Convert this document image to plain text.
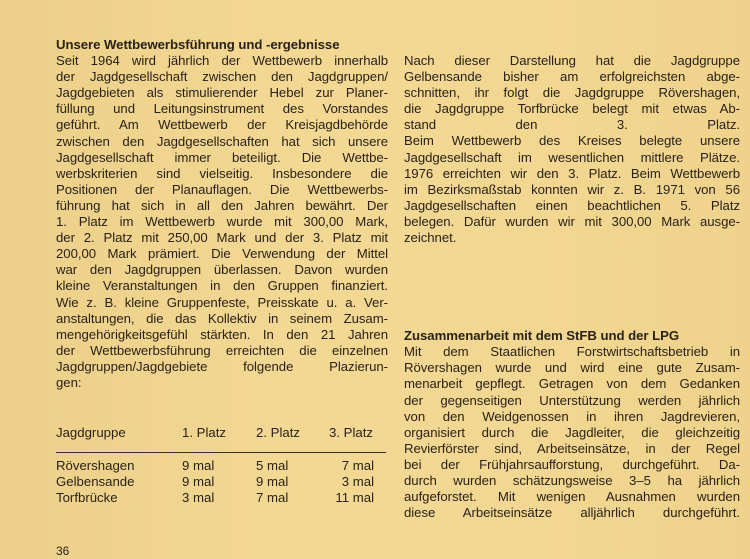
Unsere Wettbewerbsführung und -ergebnisse
Seit 1964 wird jährlich der Wettbewerb innerhalb
der Jagdgesellschaft zwischen den Jagdgruppen/
Jagdgebieten als stimulierender Hebel zur Planer-
füllung und Leitungsinstrument des Vorstandes
geführt. Am Wettbewerb der Kreisjagdbehörde
zwischen den Jagdgesellschaften hat sich unsere
Jagdgesellschaft immer beteiligt. Die Wettbe-
werbskriterien sind vielseitig. Insbesondere die
Positionen der Planauflagen. Die Wettbewerbs-
führung hat sich in all den Jahren bewährt. Der
1. Platz im Wettbewerb wurde mit 300,00 Mark,
der 2. Platz mit 250,00 Mark und der 3. Platz mit
200,00 Mark prämiert. Die Verwendung der Mittel
war den Jagdgruppen überlassen. Davon wurden
kleine Veranstaltungen in den Gruppen finanziert.
Wie z. B. kleine Gruppenfeste, Preisskate u. a. Ver-
anstaltungen, die das Kollektiv in seinem Zusam-
mengehörigkeitsgefühl stärkten. In den 21 Jahren
der Wettbewerbsführung erreichten die einzelnen
Jagdgruppen/Jagdgebiete folgende Plazierun-
gen:
Jagdgruppe	1. Platz 2. Platz 3. Platz
Rövershagen	9 mal	5 mal	7 mal
Gelbensande	9 mal	9 mal	3 mal
Torfbrücke	3 mal	7 mal	11 mal
Nach dieser Darstellung hat die Jagdgruppe
Gelbensande bisher am erfolgreichsten abge-
schnitten, ihr folgt die Jagdgruppe Rövershagen,
die Jagdgruppe Torfbrücke belegt mit etwas Ab-
stand den 3. Platz.
Beim Wettbewerb des Kreises belegte unsere
Jagdgesellschaft im wesentlichen mittlere Plätze.
1976 erreichten wir den 3. Platz. Beim Wettbewerb
im Bezirksmaßstab konnten wir z. B. 1971 von 56
Jagdgesellschaften einen beachtlichen 5. Platz
belegen. Dafür wurden wir mit 300,00 Mark ausge-
zeichnet.
Zusammenarbeit mit dem StFB und der LPG
Mit dem Staatlichen Forstwirtschaftsbetrieb in
Rövershagen wurde und wird eine gute Zusam-
menarbeit gepflegt. Getragen von dem Gedanken
der gegenseitigen Unterstützung werden jährlich
von den Weidgenossen in ihren Jagdrevieren,
organisiert durch die Jagdleiter, die gleichzeitig
Revierförster sind, Arbeitseinsätze, in der Regel
bei der Frühjahrsaufforstung, durchgeführt. Da-
durch wurden schätzungsweise 3–5 ha jährlich
aufgeforstet. Mit wenigen Ausnahmen wurden
diese Arbeitseinsätze alljährlich durchgeführt.
36
